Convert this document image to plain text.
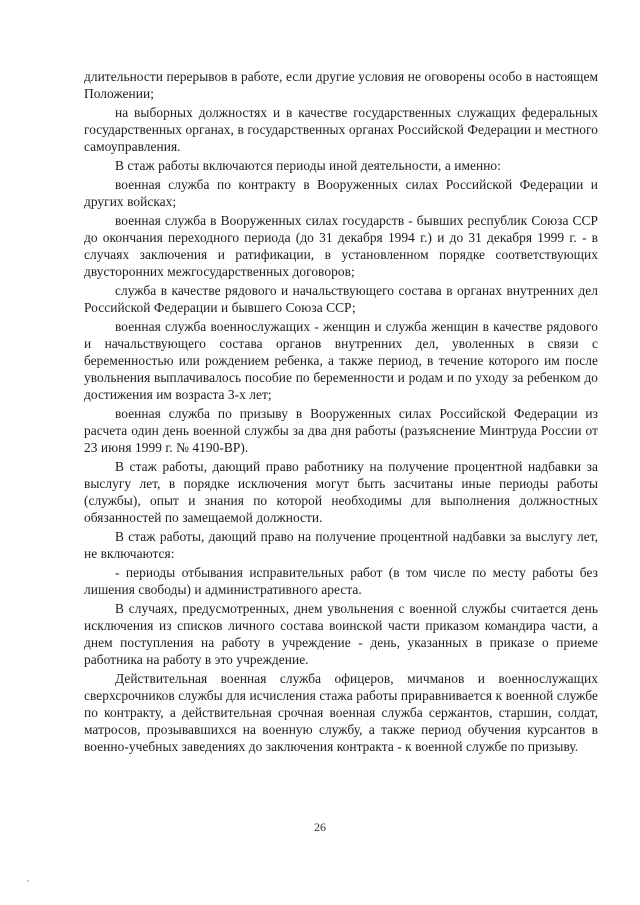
длительности перерывов в работе, если другие условия не оговорены особо в настоящем Положении;

на выборных должностях и в качестве государственных служащих федеральных государственных органах, в государственных органах Российской Федерации и местного самоуправления.

В стаж работы включаются периоды иной деятельности, а именно:

военная служба по контракту в Вооруженных силах Российской Федерации и других войсках;

военная служба в Вооруженных силах государств - бывших республик Союза ССР до окончания переходного периода (до 31 декабря 1994 г.) и до 31 декабря 1999 г. - в случаях заключения и ратификации, в установленном порядке соответствующих двусторонних межгосударственных договоров;

служба в качестве рядового и начальствующего состава в органах внутренних дел Российской Федерации и бывшего Союза ССР;

военная служба военнослужащих - женщин и служба женщин в качестве рядового и начальствующего состава органов внутренних дел, уволенных в связи с беременностью или рождением ребенка, а также период, в течение которого им после увольнения выплачивалось пособие по беременности и родам и по уходу за ребенком до достижения им возраста 3-х лет;

военная служба по призыву в Вооруженных силах Российской Федерации из расчета один день военной службы за два дня работы (разъяснение Минтруда России от 23 июня 1999 г. № 4190-ВР).

В стаж работы, дающий право работнику на получение процентной надбавки за выслугу лет, в порядке исключения могут быть засчитаны иные периоды работы (службы), опыт и знания по которой необходимы для выполнения должностных обязанностей по замещаемой должности.

В стаж работы, дающий право на получение процентной надбавки за выслугу лет, не включаются:

- периоды отбывания исправительных работ (в том числе по месту работы без лишения свободы) и административного ареста.

В случаях, предусмотренных, днем увольнения с военной службы считается день исключения из списков личного состава воинской части приказом командира части, а днем поступления на работу в учреждение - день, указанных в приказе о приеме работника на работу в это учреждение.

Действительная военная служба офицеров, мичманов и военнослужащих сверхсрочников службы для исчисления стажа работы приравнивается к военной службе по контракту, а действительная срочная военная служба сержантов, старшин, солдат, матросов, прозывавшихся на военную службу, а также период обучения курсантов в военно-учебных заведениях до заключения контракта - к военной службе по призыву.

26
